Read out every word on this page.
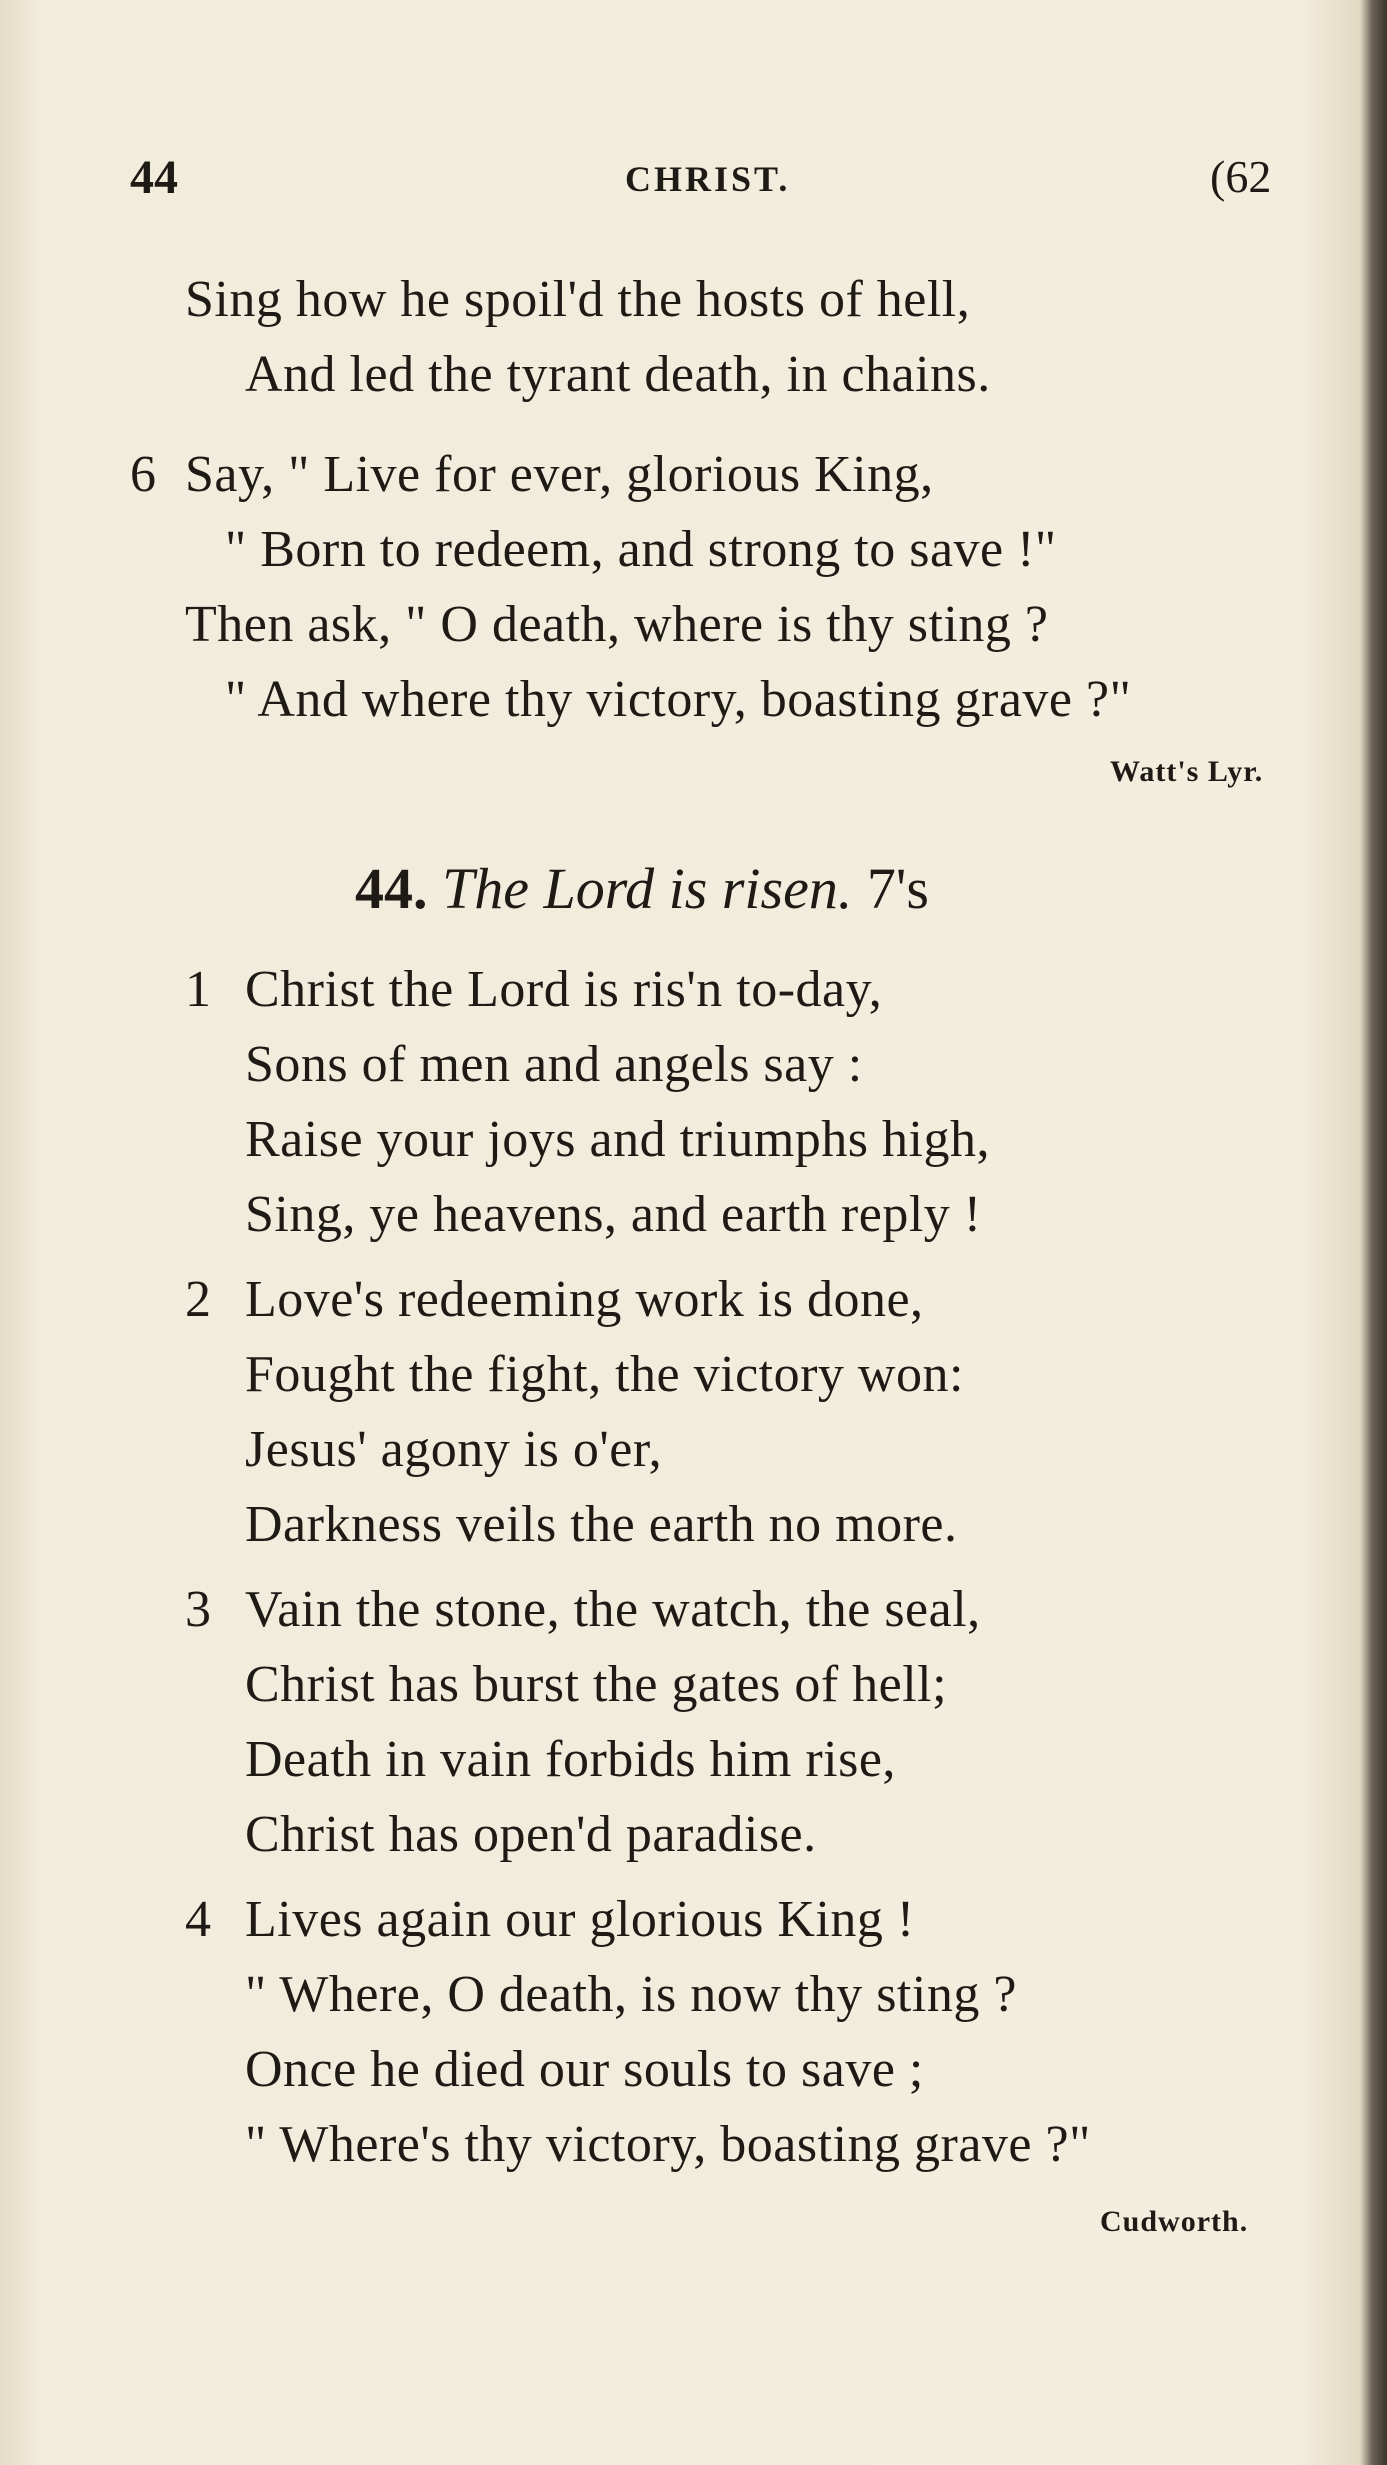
44	CHRIST.	(62
Sing how he spoil'd the hosts of hell,
And led the tyrant death, in chains.
6 Say, " Live for ever, glorious King,
" Born to redeem, and strong to save !"
Then ask, " O death, where is thy sting ?
" And where thy victory, boasting grave ?"
Watt's Lyr.
44. The Lord is risen. 7's
1 Christ the Lord is ris'n to-day,
Sons of men and angels say :
Raise your joys and triumphs high,
Sing, ye heavens, and earth reply !
2 Love's redeeming work is done,
Fought the fight, the victory won:
Jesus' agony is o'er,
Darkness veils the earth no more.
3 Vain the stone, the watch, the seal,
Christ has burst the gates of hell;
Death in vain forbids him rise,
Christ has open'd paradise.
4 Lives again our glorious King !
" Where, O death, is now thy sting ?
Once he died our souls to save ;
" Where's thy victory, boasting grave ?"
Cudworth.
